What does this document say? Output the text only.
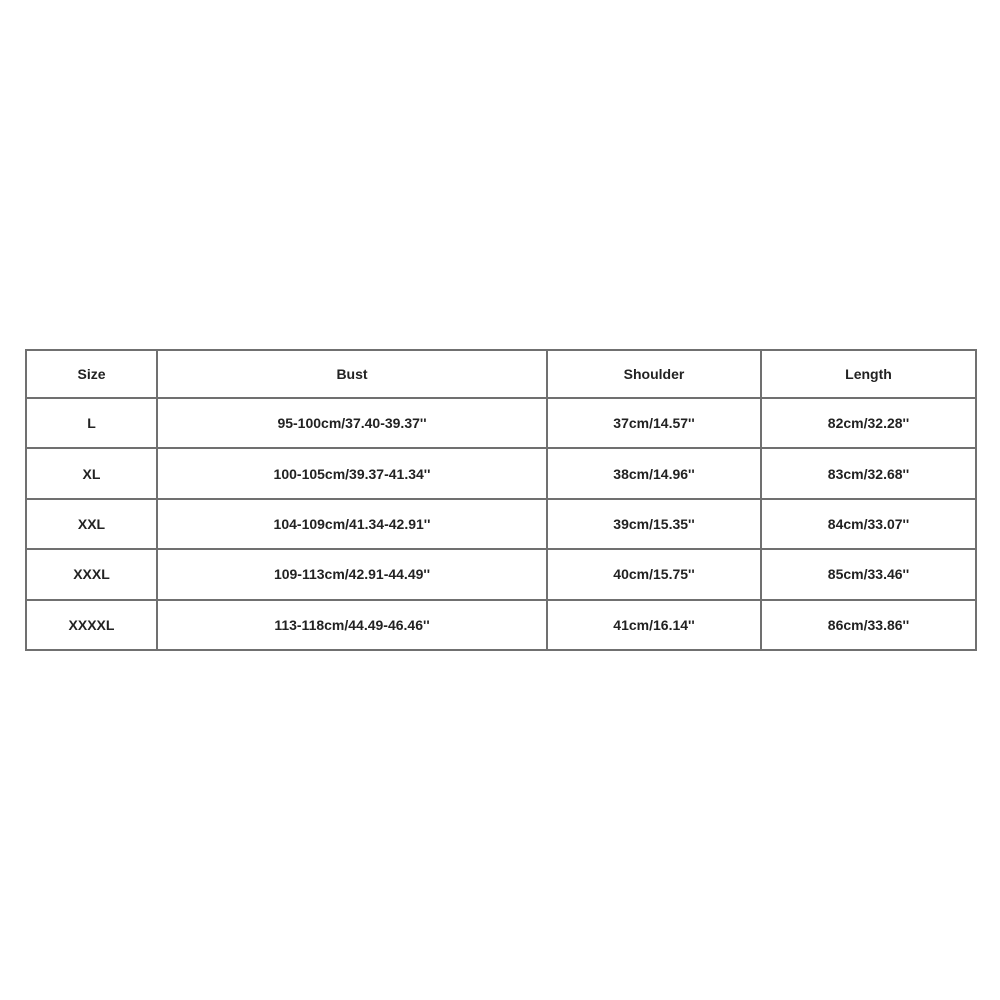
Size	Bust	Shoulder	Length
L	95-100cm/37.40-39.37''	37cm/14.57''	82cm/32.28''
XL	100-105cm/39.37-41.34''	38cm/14.96''	83cm/32.68''
XXL	104-109cm/41.34-42.91''	39cm/15.35''	84cm/33.07''
XXXL	109-113cm/42.91-44.49''	40cm/15.75''	85cm/33.46''
XXXXL	113-118cm/44.49-46.46''	41cm/16.14''	86cm/33.86''
